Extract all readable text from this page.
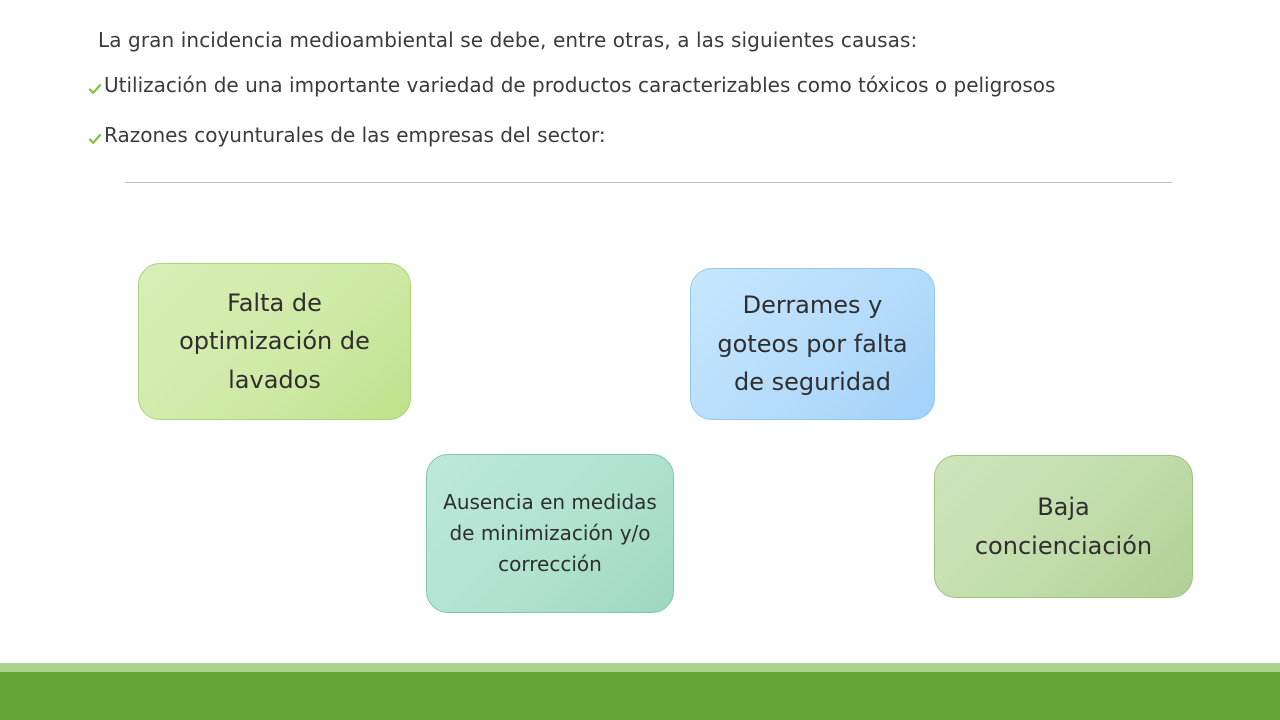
La gran incidencia medioambiental se debe, entre otras, a las siguientes causas:
Utilización de una importante variedad de productos caracterizables como tóxicos o peligrosos
Razones coyunturales de las empresas del sector:
Falta de optimización de lavados
Derrames y goteos por falta de seguridad
Ausencia en medidas de minimización y/o corrección
Baja concienciación
